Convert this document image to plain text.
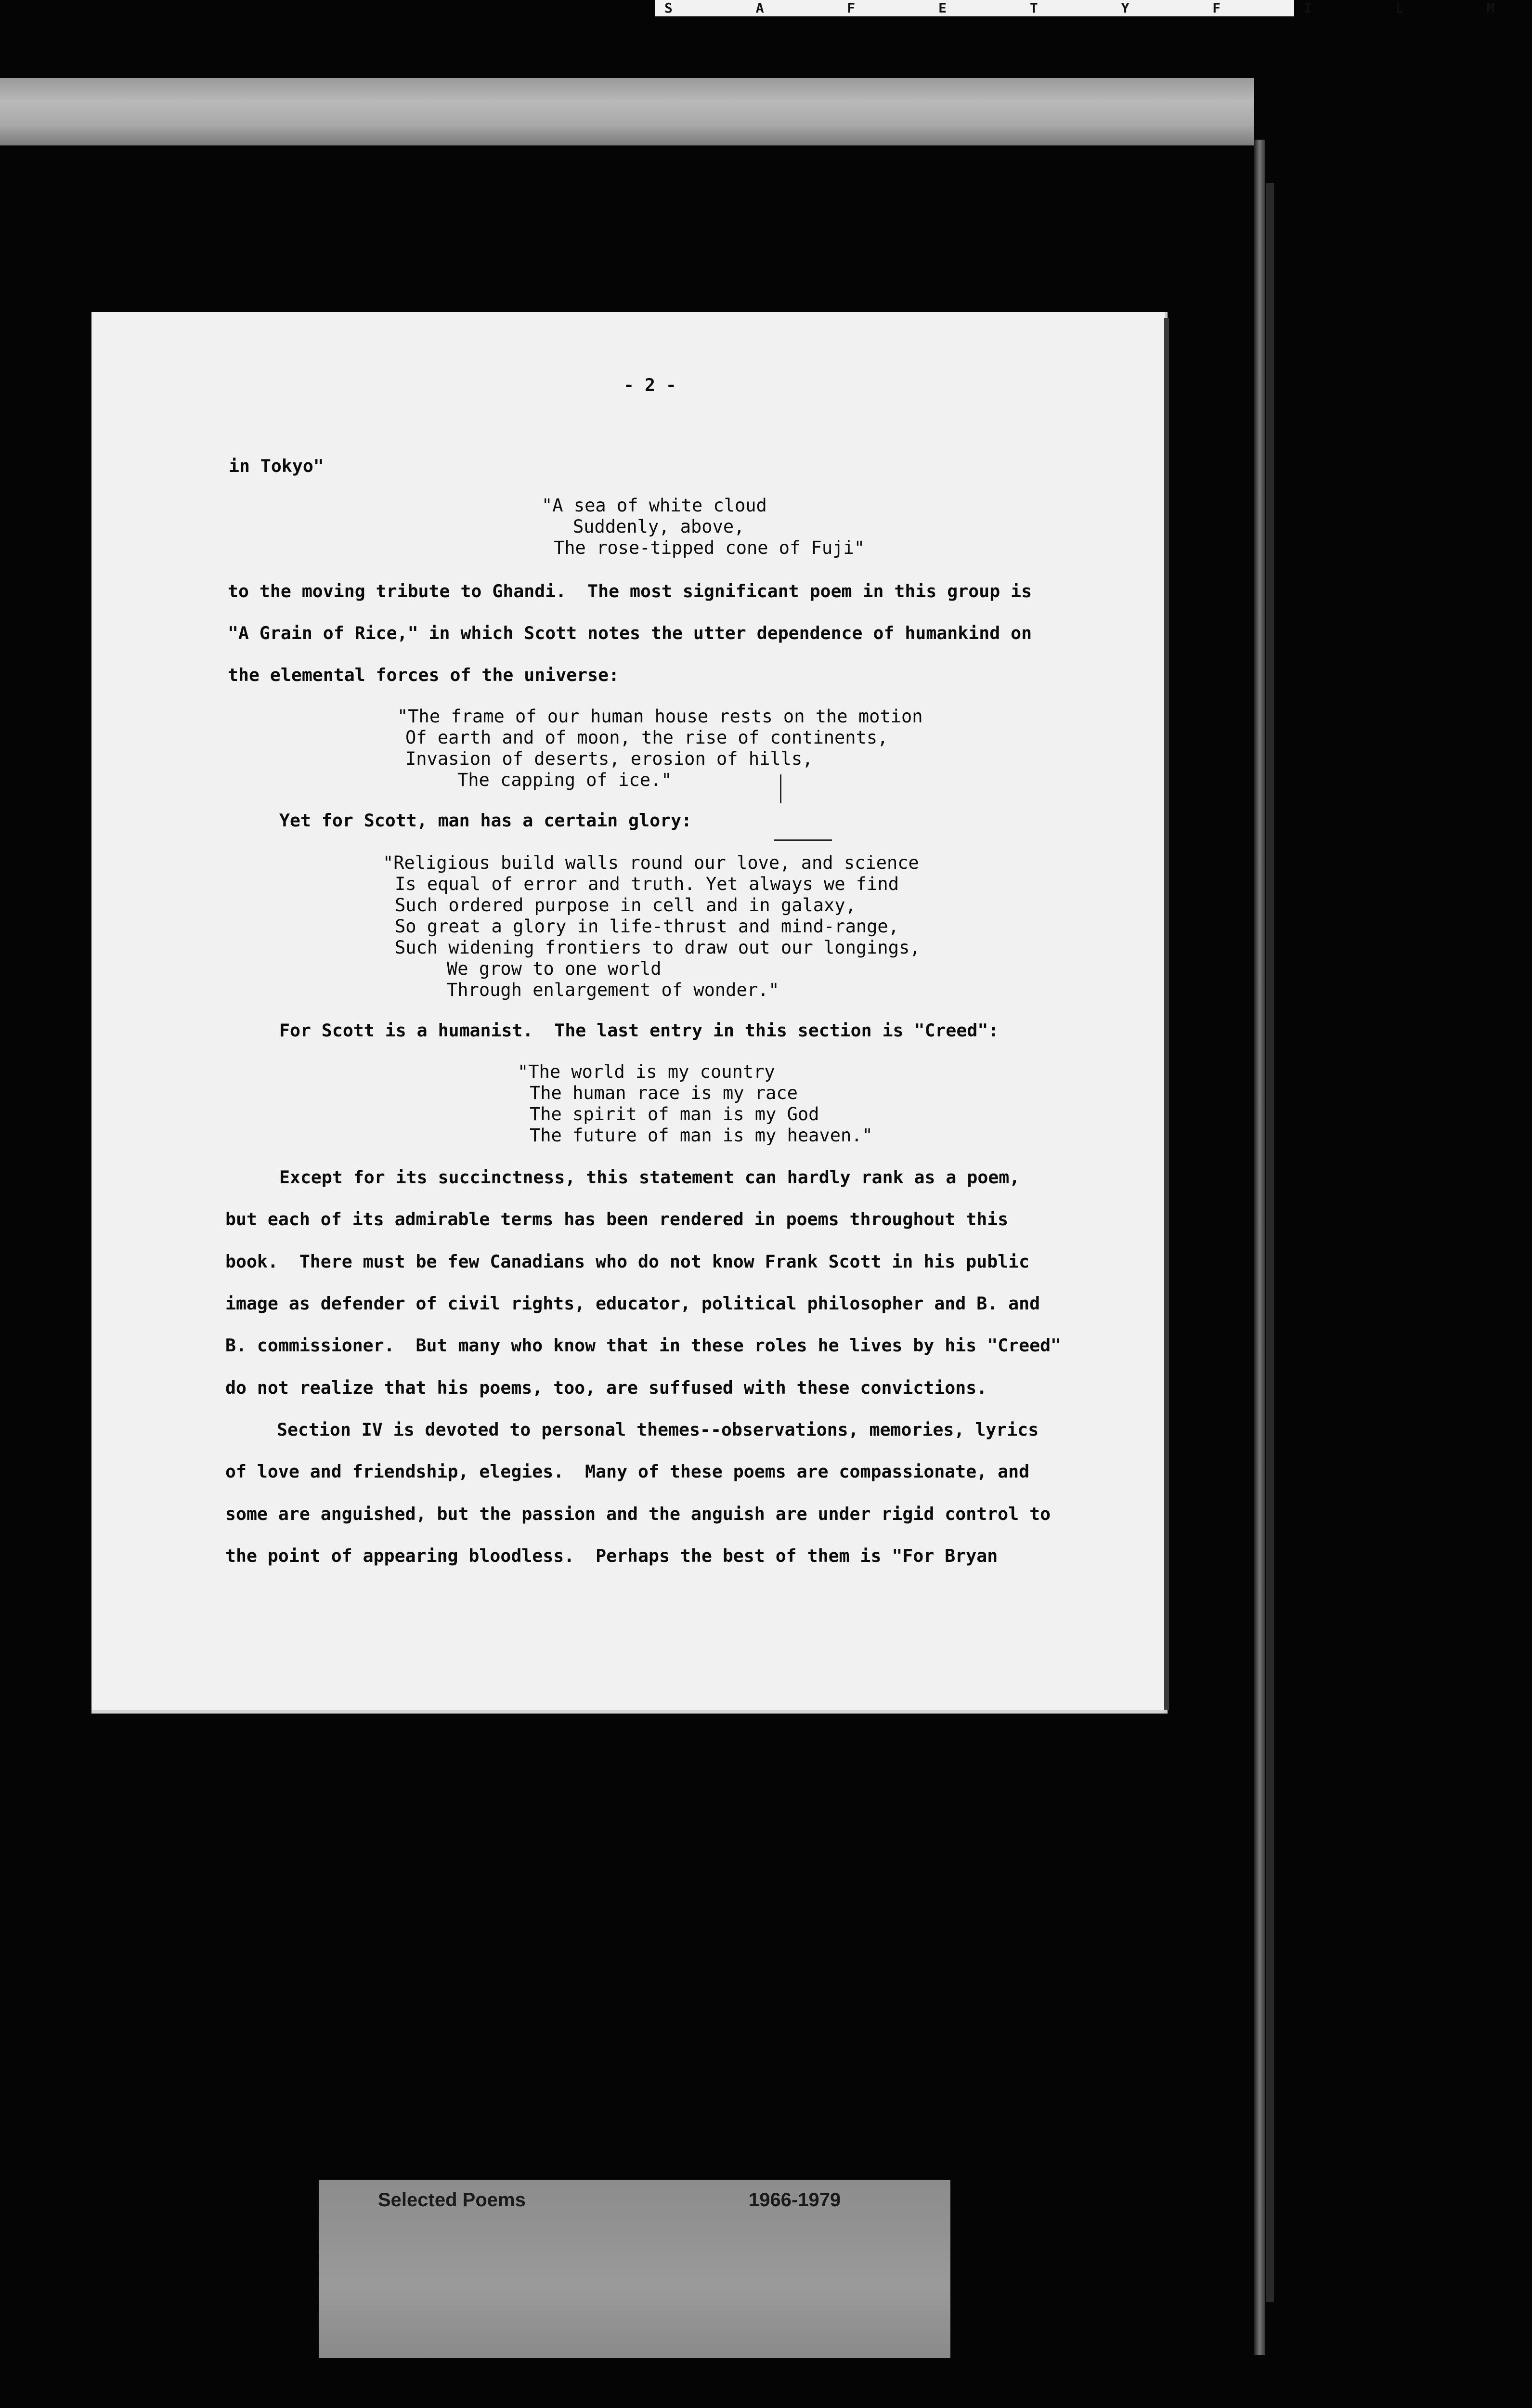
S A F E T Y F I L M
- 2 -
in Tokyo"
"A sea of white cloud
Suddenly, above,
The rose-tipped cone of Fuji"
to the moving tribute to Ghandi.  The most significant poem in this group is
"A Grain of Rice," in which Scott notes the utter dependence of humankind on
the elemental forces of the universe:
"The frame of our human house rests on the motion
Of earth and of moon, the rise of continents,
Invasion of deserts, erosion of hills,
The capping of ice."
Yet for Scott, man has a certain glory:
"Religious build walls round our love, and science
Is equal of error and truth. Yet always we find
Such ordered purpose in cell and in galaxy,
So great a glory in life-thrust and mind-range,
Such widening frontiers to draw out our longings,
We grow to one world
Through enlargement of wonder."
For Scott is a humanist.  The last entry in this section is "Creed":
"The world is my country
The human race is my race
The spirit of man is my God
The future of man is my heaven."
Except for its succinctness, this statement can hardly rank as a poem,
but each of its admirable terms has been rendered in poems throughout this
book.  There must be few Canadians who do not know Frank Scott in his public
image as defender of civil rights, educator, political philosopher and B. and
B. commissioner.  But many who know that in these roles he lives by his "Creed"
do not realize that his poems, too, are suffused with these convictions.
Section IV is devoted to personal themes--observations, memories, lyrics
of love and friendship, elegies.  Many of these poems are compassionate, and
some are anguished, but the passion and the anguish are under rigid control to
the point of appearing bloodless.  Perhaps the best of them is "For Bryan
Selected Poems	1966-1979
